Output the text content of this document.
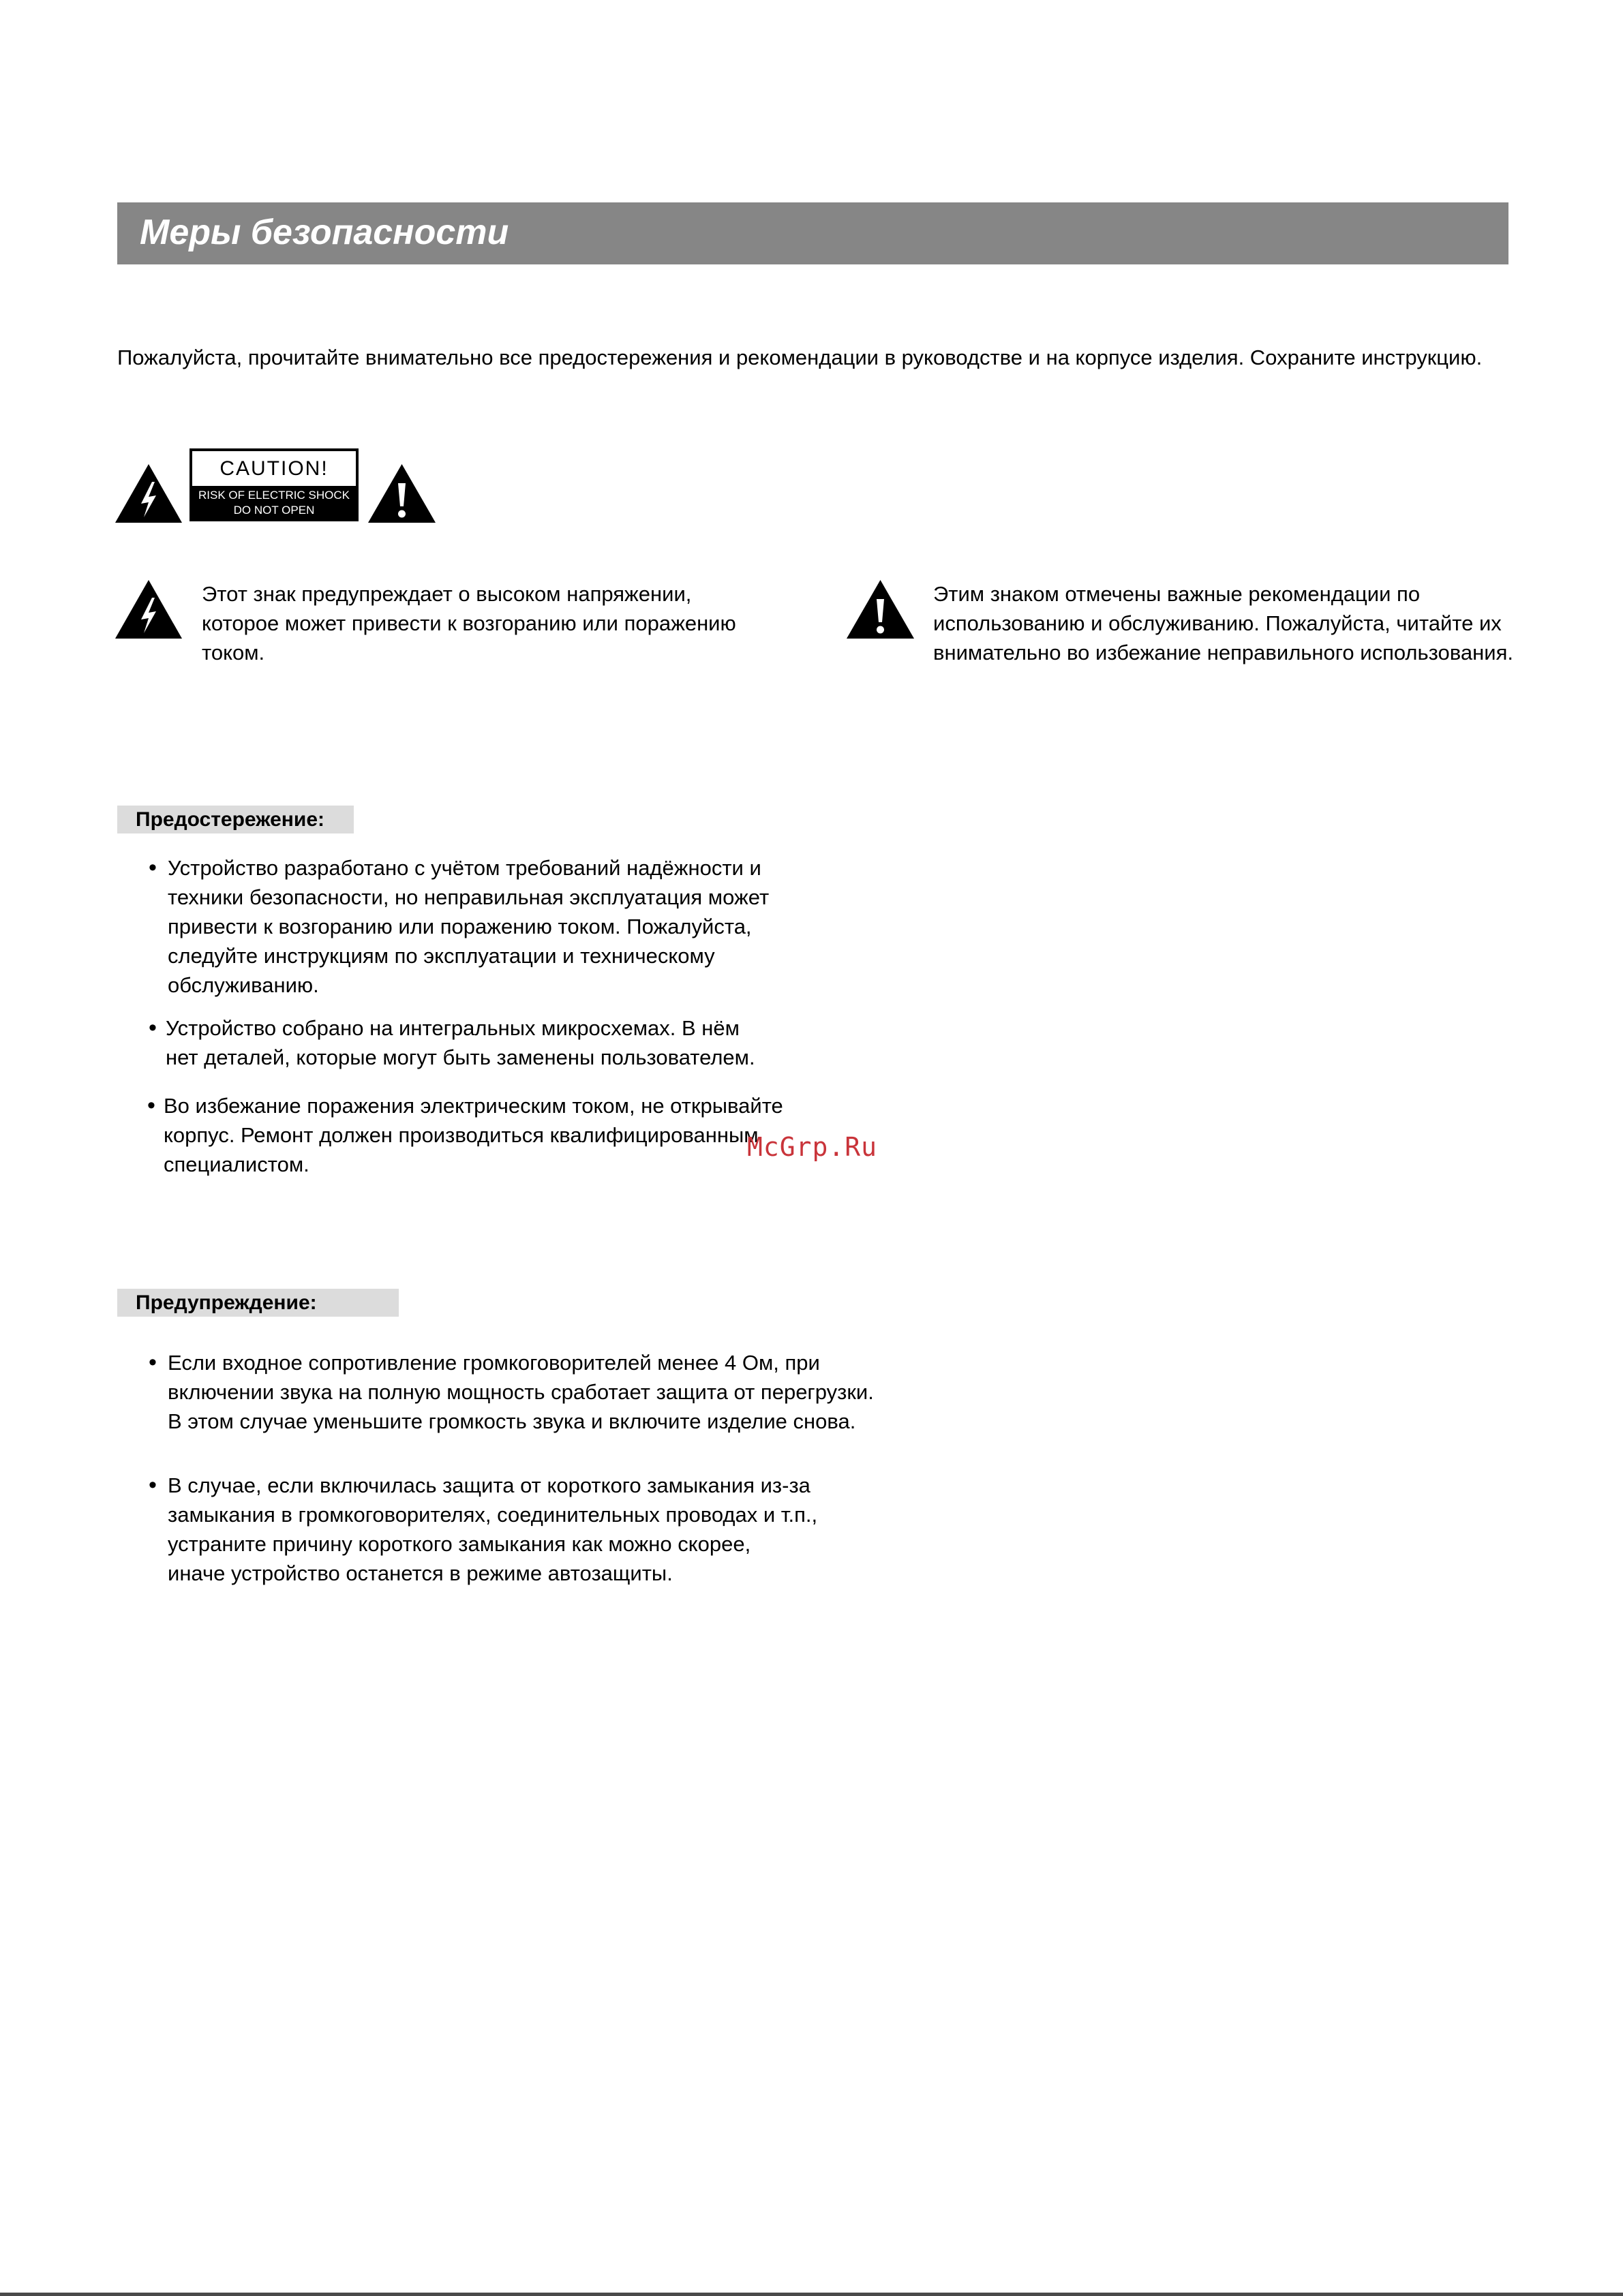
Меры безопасности
Пожалуйста, прочитайте внимательно все предостережения и рекомендации в руководстве и на корпусе изделия. Сохраните инструкцию.
CAUTION!
RISK OF ELECTRIC SHOCK
DO NOT OPEN
Этот знак предупреждает о высоком напряжении,
которое может привести к возгоранию или поражению
током.
Этим знаком отмечены важные рекомендации по
использованию и обслуживанию. Пожалуйста, читайте их
внимательно во избежание неправильного использования.
Предостережение:
• Устройство разработано с учётом требований надёжности и
техники безопасности, но неправильная эксплуатация может
привести к возгоранию или поражению током. Пожалуйста,
следуйте инструкциям по эксплуатации и техническому
обслуживанию.
• Устройство собрано на интегральных микросхемах. В нём
нет деталей, которые могут быть заменены пользователем.
• Во избежание поражения электрическим током, не открывайте
корпус. Ремонт должен производиться квалифицированным
специалистом.
McGrp.Ru
Предупреждение:
• Если входное сопротивление громкоговорителей менее 4 Ом, при
включении звука на полную мощность сработает защита от перегрузки.
В этом случае уменьшите громкость звука и включите изделие снова.
• В случае, если включилась защита от короткого замыкания из-за
замыкания в громкоговорителях, соединительных проводах и т.п.,
устраните причину короткого замыкания как можно скорее,
иначе устройство останется в режиме автозащиты.
